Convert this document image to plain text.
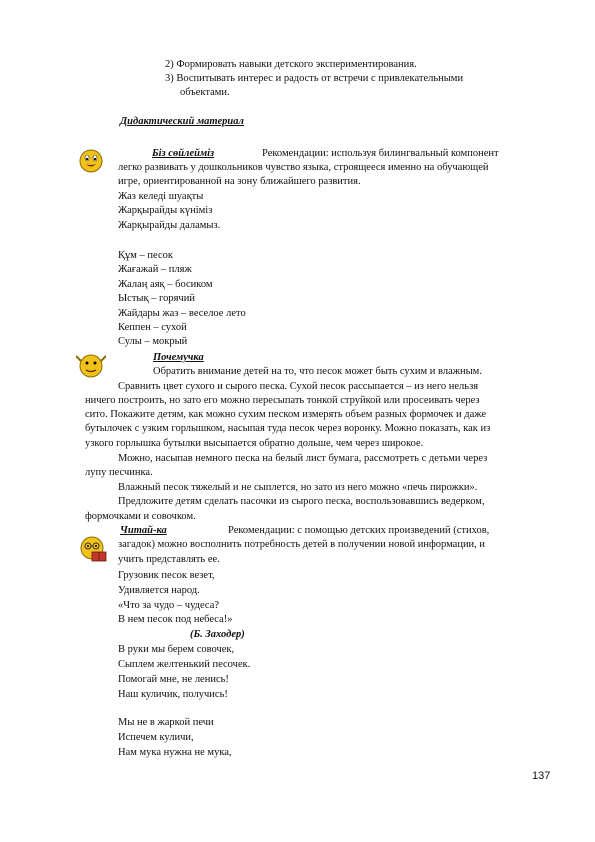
2) Формировать навыки детского экспериментирования.
3) Воспитывать интерес и радость от встречи с привлекательными
объектами.
Дидактический материал
Біз сөйлейміз	Рекомендации: используя билингвальный компонент
легко развивать у дошкольников чувство языка, строящееся именно на обучающей
игре, ориентированной на зону ближайшего развития.
Жаз келеді шуақты
Жарқырайды күнімiз
Жарқырайды даламыз.
Құм – песок
Жағажай – пляж
Жалаң аяқ – босиком
Ыстық – горячий
Жайдары жаз – веселое лето
Кеппен – сухой
Сулы – мокрый
Почемучка
Обратить внимание детей на то, что песок может быть сухим и влажным.
Сравнить цвет сухого и сырого песка. Сухой песок рассыпается – из него нельзя
ничего построить, но зато его можно пересыпать тонкой струйкой или просеивать через
сито. Покажите детям, как можно сухим песком измерять объем разных формочек и даже
бутылочек с узким горлышком, насыпая туда песок через воронку. Можно показать, как из
узкого горлышка бутылки высыпается обратно дольше, чем через широкое.
Можно, насыпав немного песка на белый лист бумага, рассмотреть с детьми через
лупу песчинка.
Влажный песок тяжелый и не сыплется, но зато из него можно «печь пирожки».
Предложите детям сделать пасочки из сырого песка, воспользовавшись ведерком,
формочками и совочком.
Читай-ка	Рекомендации: с помощью детских произведений (стихов,
загадок) можно восполнить потребность детей в получении новой информации, и
учить представлять ее.
Грузовик песок везет,
Удивляется народ.
«Что за чудо – чудеса?
В нем песок под небеса!»
(Б. Заходер)
В руки мы берем совочек,
Сыплем желтенький песочек.
Помогай мне, не ленись!
Наш куличик, получись!
Мы не в жаркой печи
Испечем куличи,
Нам мука нужна не мука,
137
